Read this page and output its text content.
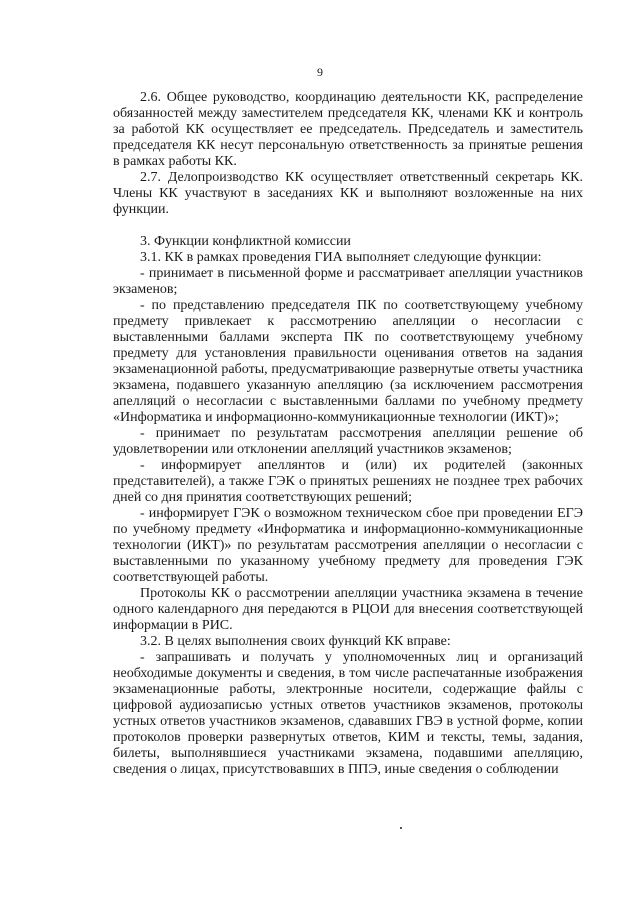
9

2.6. Общее руководство, координацию деятельности КК, распределение обязанностей между заместителем председателя КК, членами КК и контроль за работой КК осуществляет ее председатель. Председатель и заместитель председателя КК несут персональную ответственность за принятые решения в рамках работы КК.

2.7. Делопроизводство КК осуществляет ответственный секретарь КК. Члены КК участвуют в заседаниях КК и выполняют возложенные на них функции.

3. Функции конфликтной комиссии

3.1. КК в рамках проведения ГИА выполняет следующие функции:

- принимает в письменной форме и рассматривает апелляции участников экзаменов;

- по представлению председателя ПК по соответствующему учебному предмету привлекает к рассмотрению апелляции о несогласии с выставленными баллами эксперта ПК по соответствующему учебному предмету для установления правильности оценивания ответов на задания экзаменационной работы, предусматривающие развернутые ответы участника экзамена, подавшего указанную апелляцию (за исключением рассмотрения апелляций о несогласии с выставленными баллами по учебному предмету «Информатика и информационно-коммуникационные технологии (ИКТ)»;

- принимает по результатам рассмотрения апелляции решение об удовлетворении или отклонении апелляций участников экзаменов;

- информирует апеллянтов и (или) их родителей (законных представителей), а также ГЭК о принятых решениях не позднее трех рабочих дней со дня принятия соответствующих решений;

- информирует ГЭК о возможном техническом сбое при проведении ЕГЭ по учебному предмету «Информатика и информационно-коммуникационные технологии (ИКТ)» по результатам рассмотрения апелляции о несогласии с выставленными по указанному учебному предмету для проведения ГЭК соответствующей работы.

Протоколы КК о рассмотрении апелляции участника экзамена в течение одного календарного дня передаются в РЦОИ для внесения соответствующей информации в РИС.

3.2. В целях выполнения своих функций КК вправе:

- запрашивать и получать у уполномоченных лиц и организаций необходимые документы и сведения, в том числе распечатанные изображения экзаменационные работы, электронные носители, содержащие файлы с цифровой аудиозаписью устных ответов участников экзаменов, протоколы устных ответов участников экзаменов, сдававших ГВЭ в устной форме, копии протоколов проверки развернутых ответов, КИМ и тексты, темы, задания, билеты, выполнявшиеся участниками экзамена, подавшими апелляцию, сведения о лицах, присутствовавших в ППЭ, иные сведения о соблюдении
